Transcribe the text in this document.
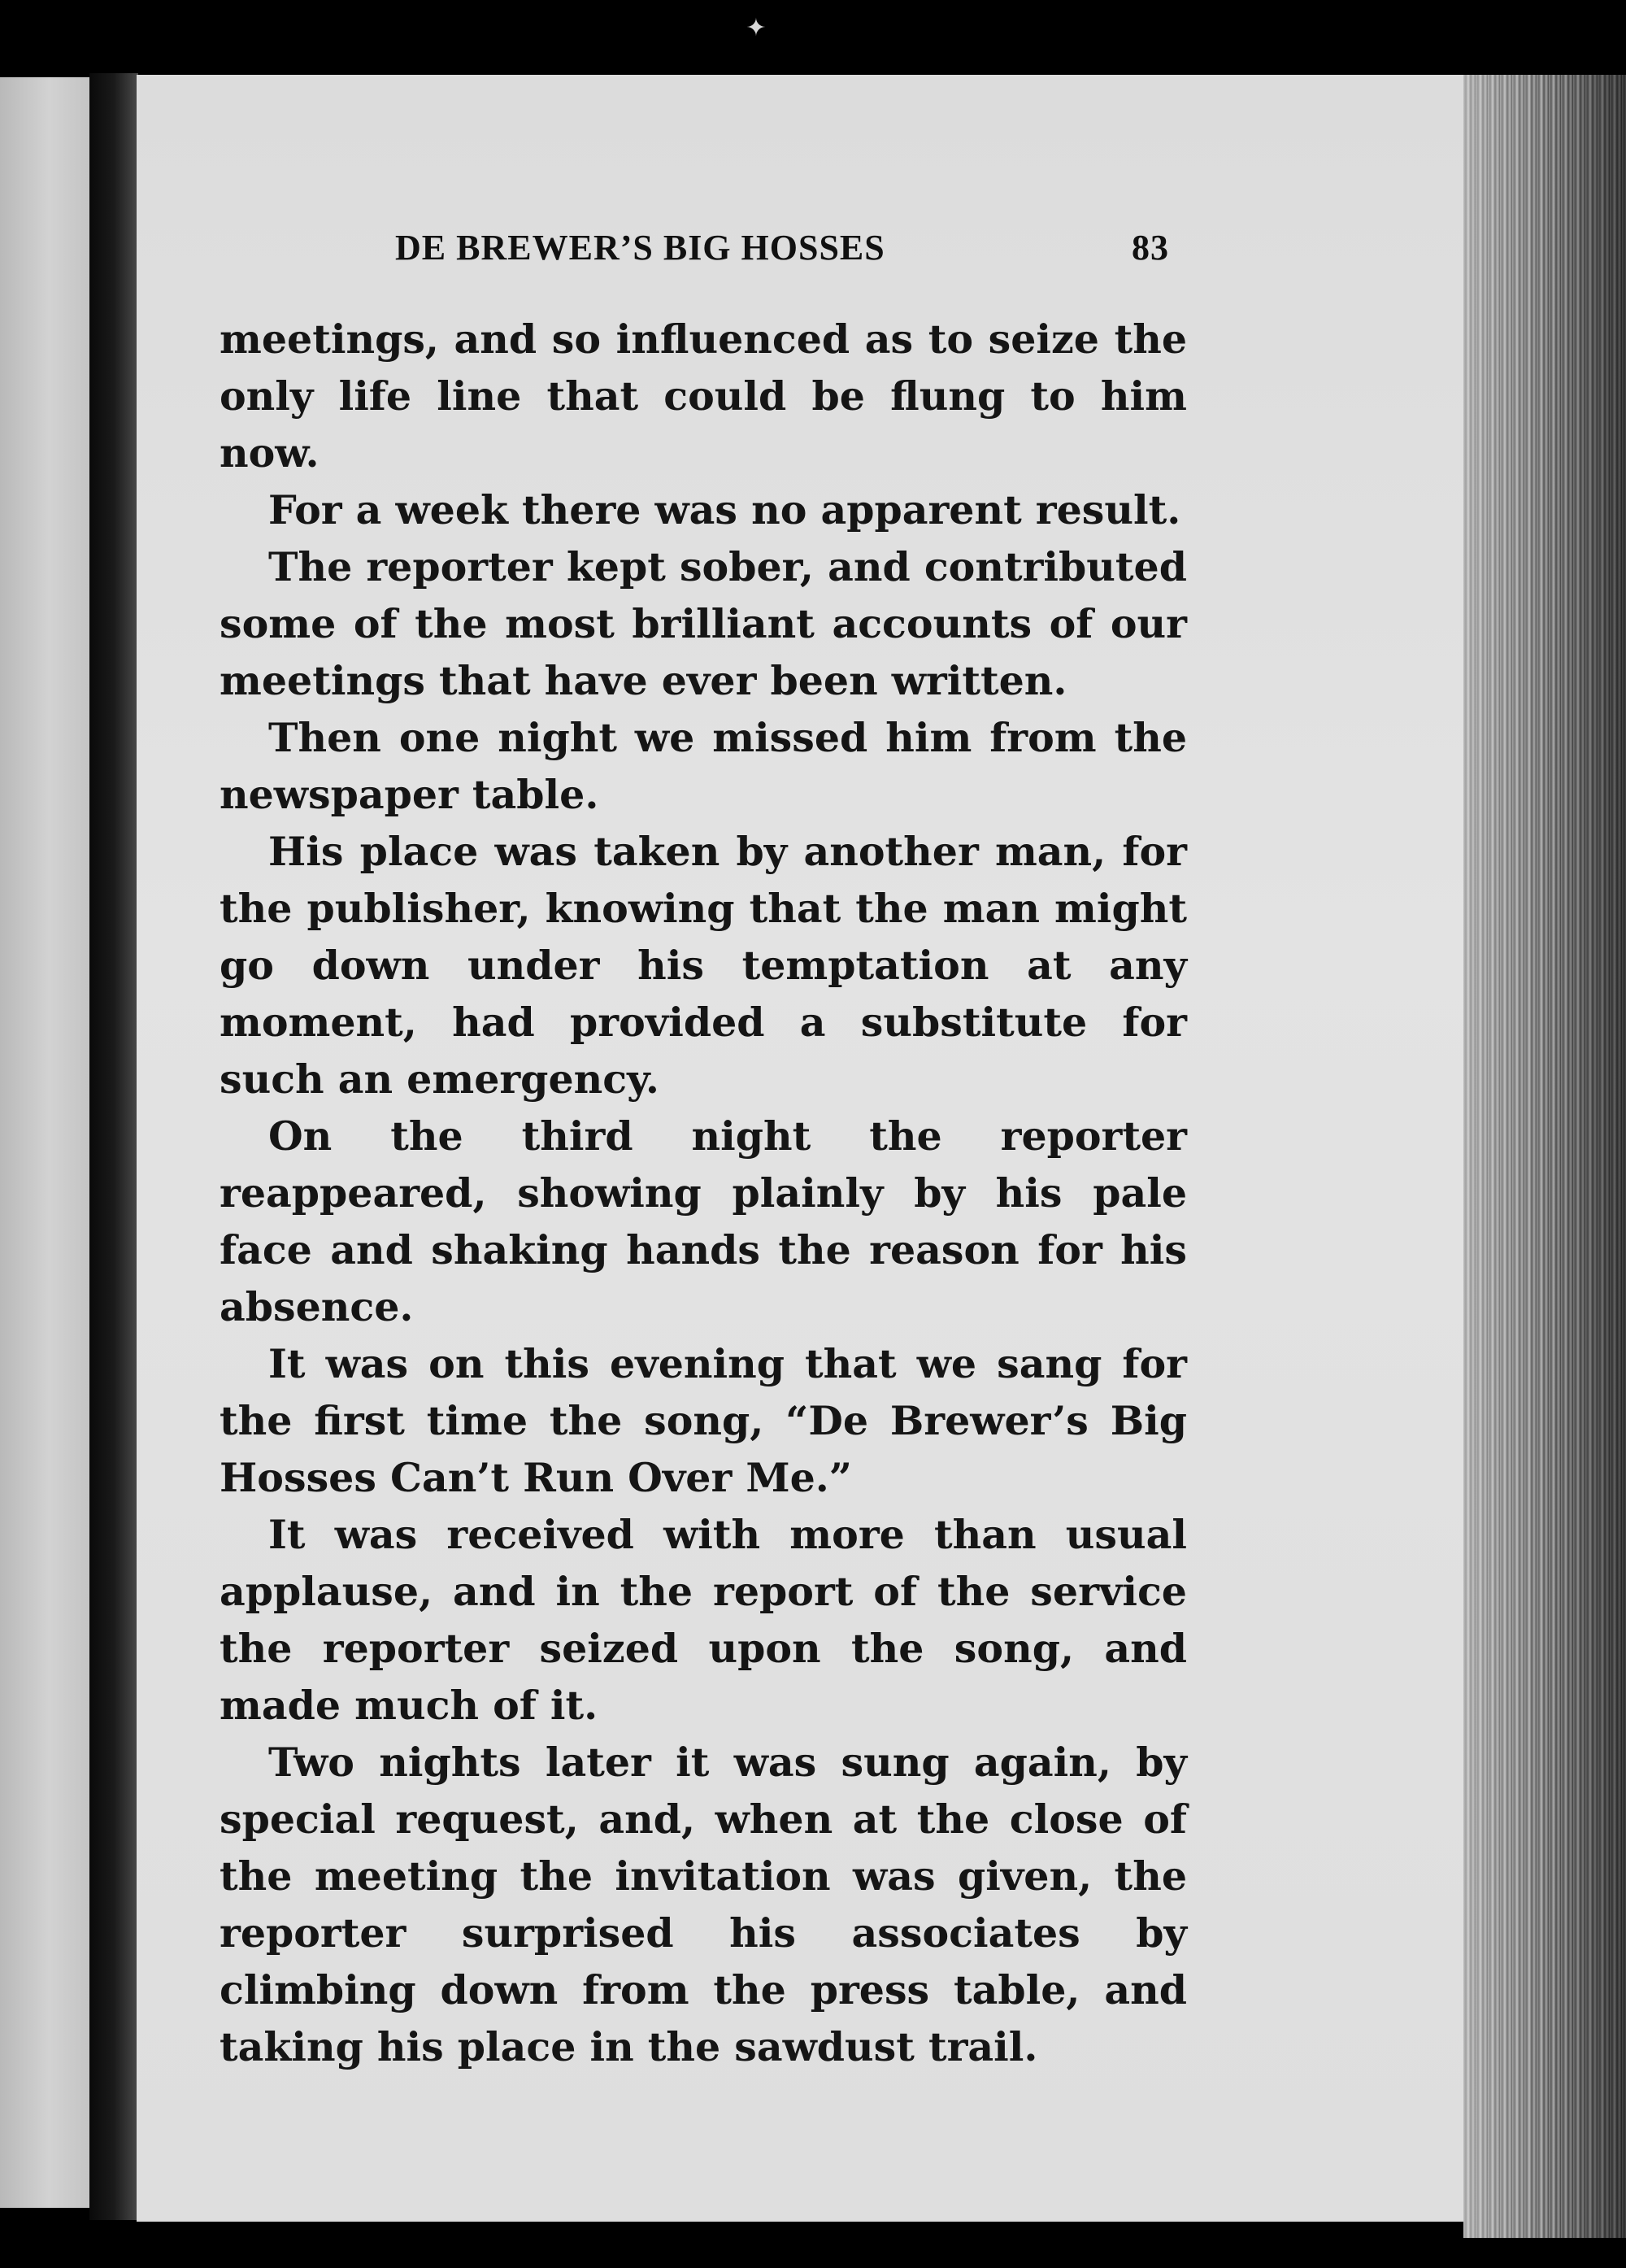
✦
DE BREWER’S BIG HOSSES	83

meetings, and so influenced as to seize the only life line that could be flung to him now.

For a week there was no apparent result.

The reporter kept sober, and contributed some of the most brilliant accounts of our meetings that have ever been written.

Then one night we missed him from the newspaper table.

His place was taken by another man, for the publisher, knowing that the man might go down under his temptation at any moment, had provided a substitute for such an emergency.

On the third night the reporter reappeared, showing plainly by his pale face and shaking hands the reason for his absence.

It was on this evening that we sang for the first time the song, “De Brewer’s Big Hosses Can’t Run Over Me.”

It was received with more than usual applause, and in the report of the service the reporter seized upon the song, and made much of it.

Two nights later it was sung again, by special request, and, when at the close of the meeting the invitation was given, the reporter surprised his associates by climbing down from the press table, and taking his place in the sawdust trail.
